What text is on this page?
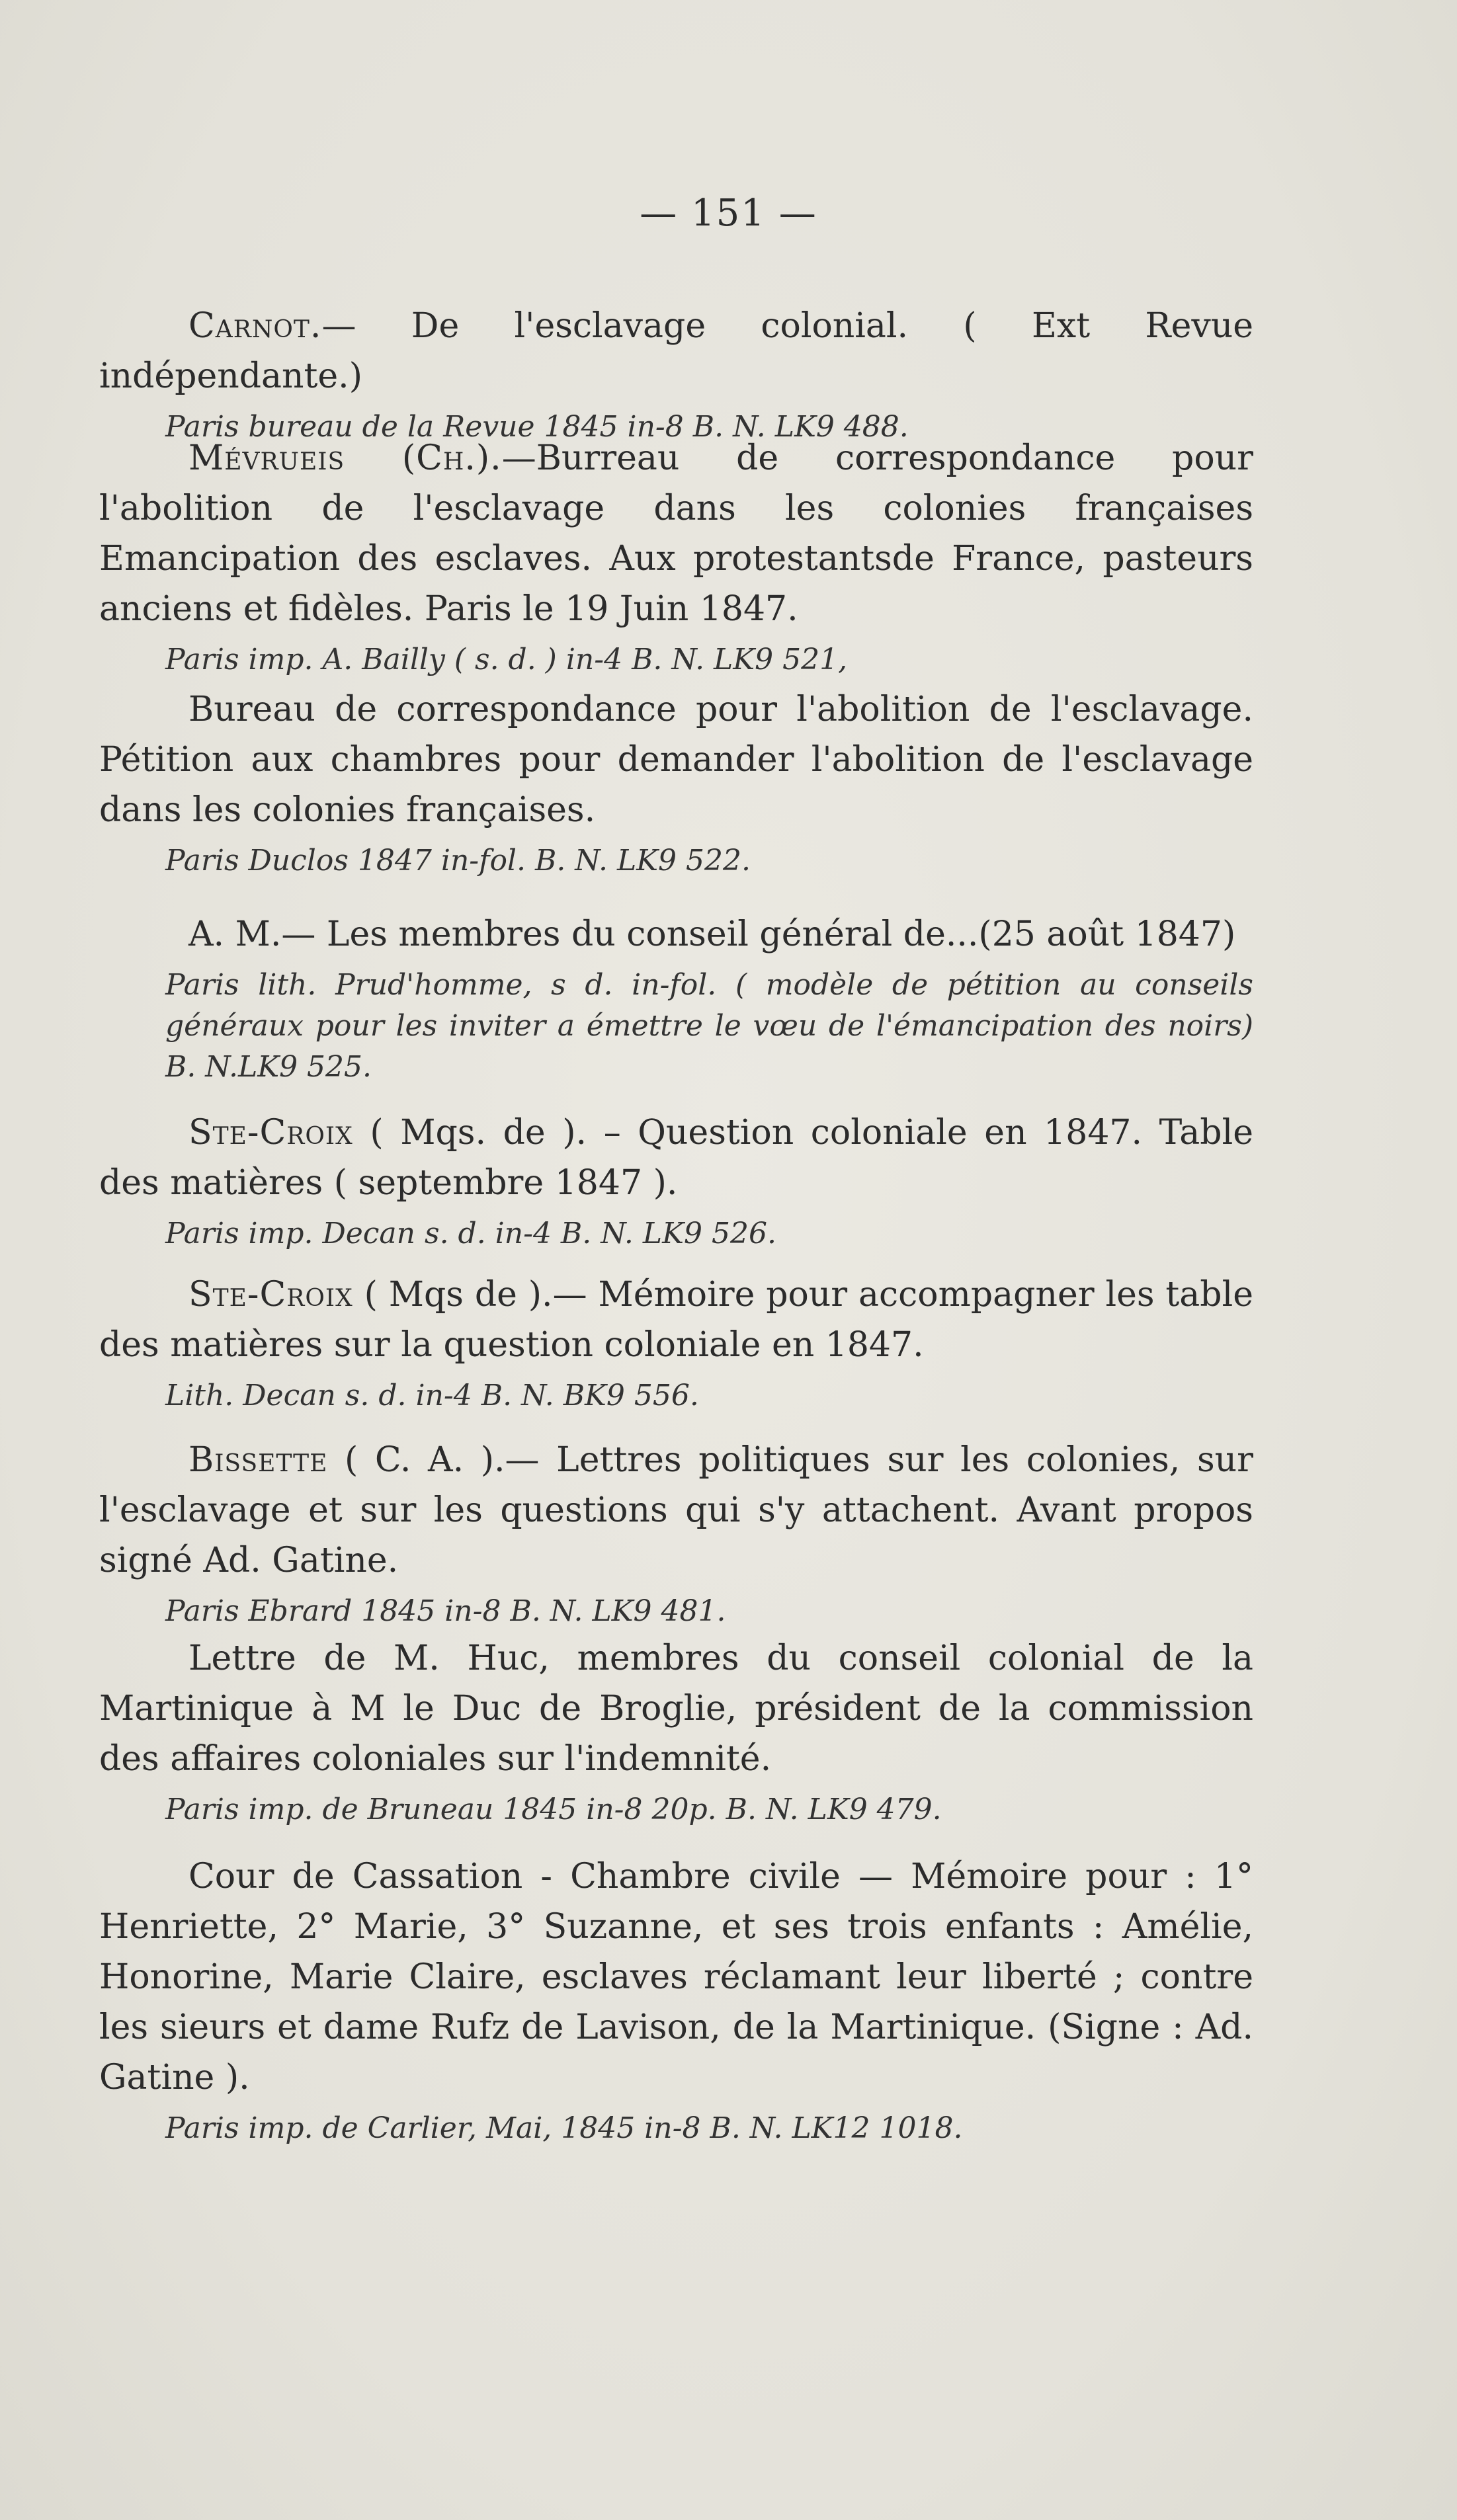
— 151 —

Carnot.— De l'esclavage colonial. ( Ext Revue indépendante.)

Paris bureau de la Revue 1845 in-8 B. N. LK9 488.

Mévrueis (Ch.).—Burreau de correspondance pour l'abolition de l'esclavage dans les colonies françaises Emancipation des esclaves. Aux protestantsde France, pasteurs anciens et fidèles. Paris le 19 Juin 1847.

Paris imp. A. Bailly ( s. d. ) in-4 B. N. LK9 521,

Bureau de correspondance pour l'abolition de l'esclavage. Pétition aux chambres pour demander l'abolition de l'esclavage dans les colonies françaises.

Paris Duclos 1847 in-fol. B. N. LK9 522.

A. M.— Les membres du conseil général de...(25 août 1847)

Paris lith. Prud'homme, s d. in-fol. ( modèle de pétition au conseils généraux pour les inviter a émettre le vœu de l'émancipation des noirs) B. N.LK9 525.

Ste-Croix ( Mqs. de ). – Question coloniale en 1847. Table des matières ( septembre 1847 ).

Paris imp. Decan s. d. in-4 B. N. LK9 526.

Ste-Croix ( Mqs de ).— Mémoire pour accompagner les table des matières sur la question coloniale en 1847.

Lith. Decan s. d. in-4 B. N. BK9 556.

Bissette ( C. A. ).— Lettres politiques sur les colonies, sur l'esclavage et sur les questions qui s'y attachent. Avant propos signé Ad. Gatine.

Paris Ebrard 1845 in-8 B. N. LK9 481.

Lettre de M. Huc, membres du conseil colonial de la Martinique à M le Duc de Broglie, président de la commission des affaires coloniales sur l'indemnité.

Paris imp. de Bruneau 1845 in-8 20p. B. N. LK9 479.

Cour de Cassation - Chambre civile — Mémoire pour : 1° Henriette, 2° Marie, 3° Suzanne, et ses trois enfants : Amélie, Honorine, Marie Claire, esclaves réclamant leur liberté ; contre les sieurs et dame Rufz de Lavison, de la Martinique. (Signe : Ad. Gatine ).

Paris imp. de Carlier, Mai, 1845 in-8 B. N. LK12 1018.
